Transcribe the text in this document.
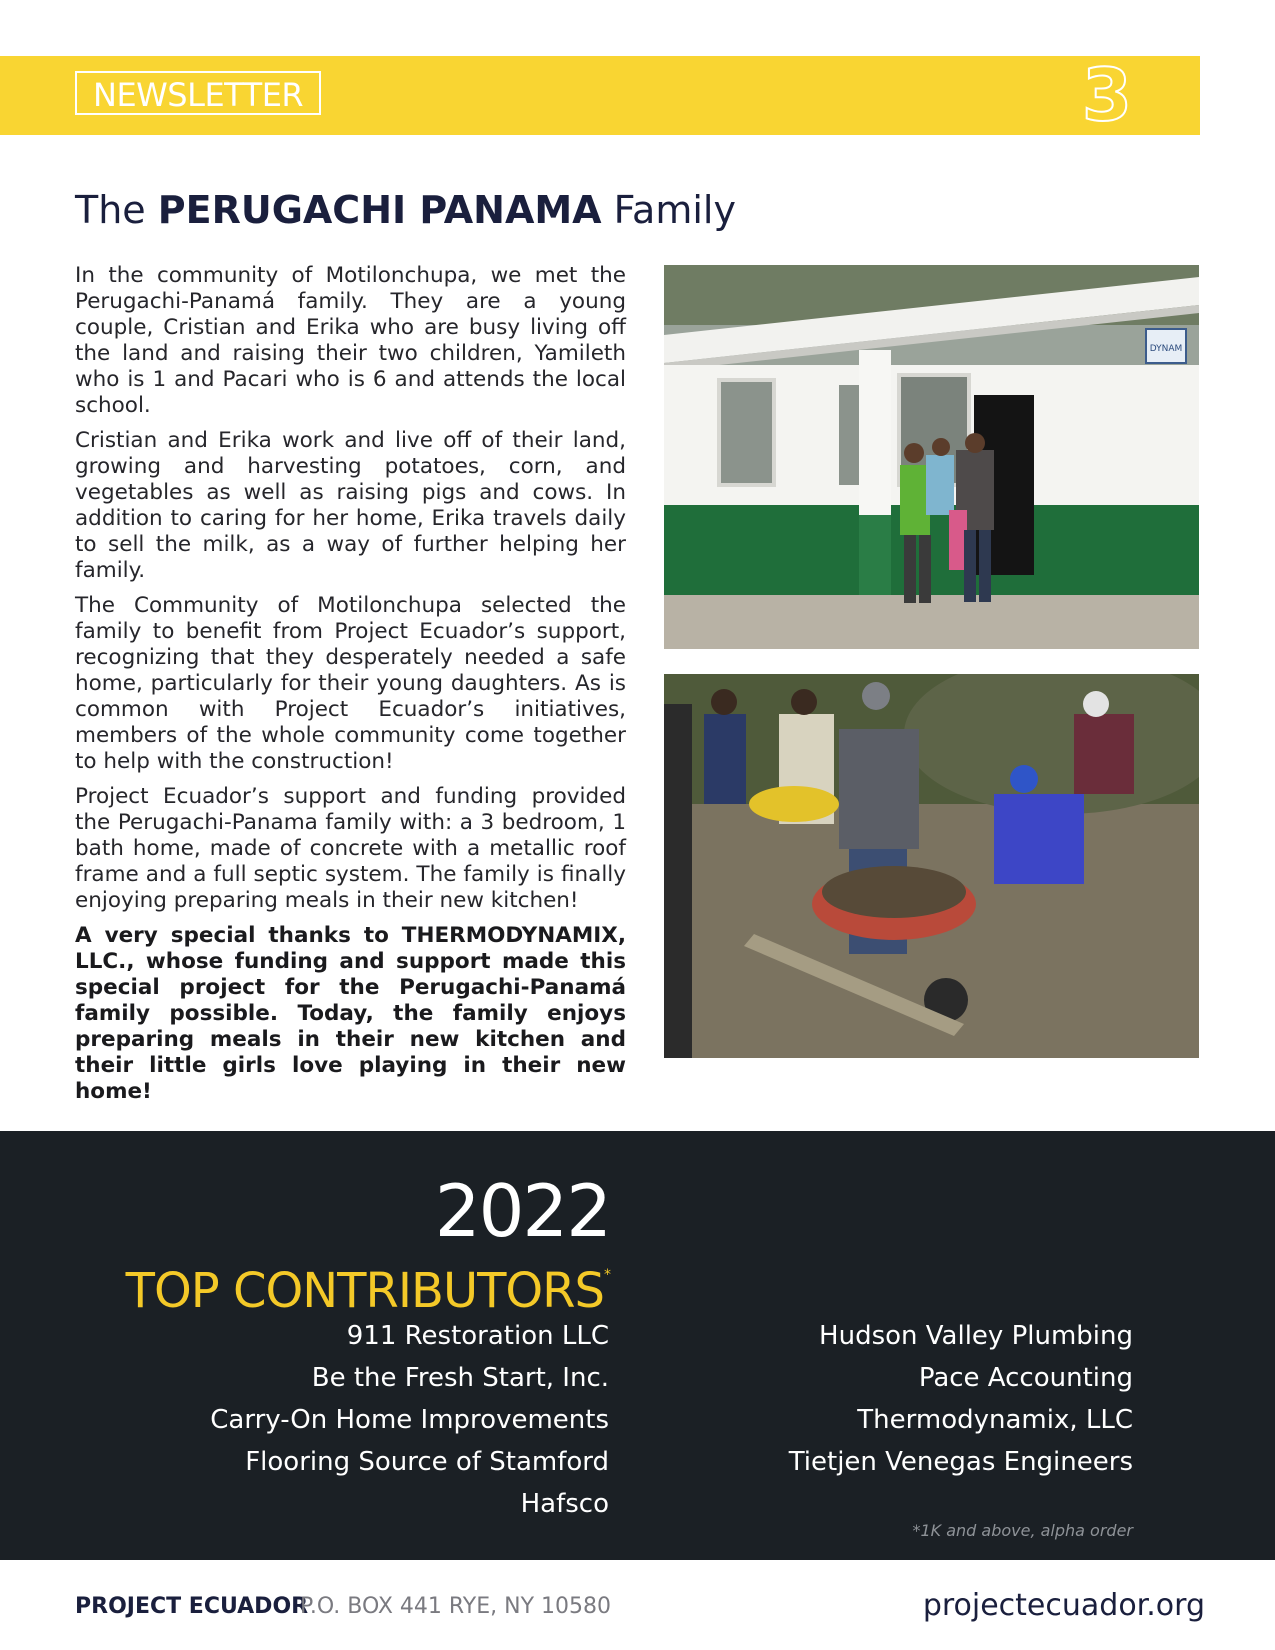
NEWSLETTER	3
The PERUGACHI PANAMA Family

In the community of Motilonchupa, we met the Perugachi-Panamá family. They are a young couple, Cristian and Erika who are busy living off the land and raising their two children, Yamileth who is 1 and Pacari who is 6 and attends the local school.

Cristian and Erika work and live off of their land, growing and harvesting potatoes, corn, and vegetables as well as raising pigs and cows. In addition to caring for her home, Erika travels daily to sell the milk, as a way of further helping her family.

The Community of Motilonchupa selected the family to benefit from Project Ecuador’s support, recognizing that they desperately needed a safe home, particularly for their young daughters. As is common with Project Ecuador’s initiatives, members of the whole community come together to help with the construction!

Project Ecuador’s support and funding provided the Perugachi-Panama family with: a 3 bedroom, 1 bath home, made of concrete with a metallic roof frame and a full septic system. The family is finally enjoying preparing meals in their new kitchen!

A very special thanks to THERMODYNAMIX, LLC., whose funding and support made this special project for the Perugachi-Panamá family possible. Today, the family enjoys preparing meals in their new kitchen and their little girls love playing in their new home!

DYNAM
2022
TOP CONTRIBUTORS*
911 Restoration LLC
Be the Fresh Start, Inc.
Carry-On Home Improvements
Flooring Source of Stamford
Hafsco
Hudson Valley Plumbing
Pace Accounting
Thermodynamix, LLC
Tietjen Venegas Engineers
*1K and above, alpha order
PROJECT ECUADOR
P.O. BOX 441 RYE, NY 10580	projectecuador.org
